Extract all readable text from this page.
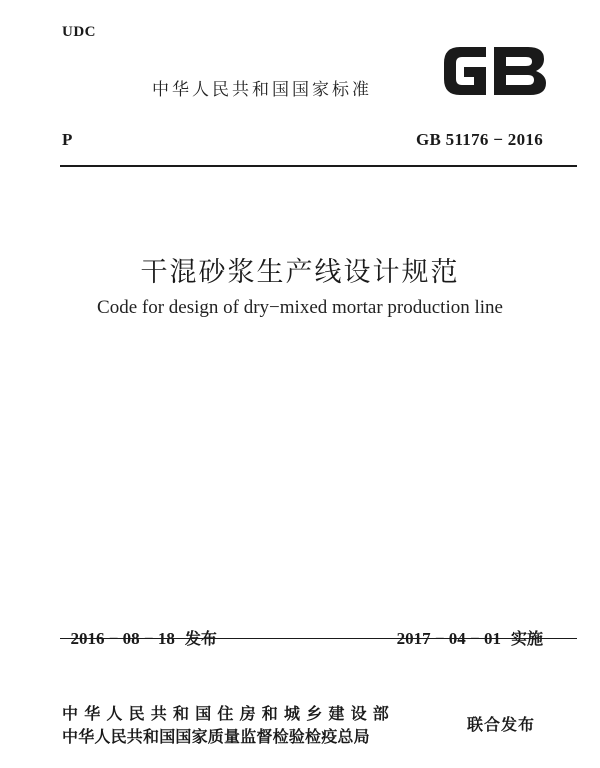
UDC
中华人民共和国国家标准
P	GB 51176 − 2016
干混砂浆生产线设计规范
Code for design of dry−mixed mortar production line

2016 − 08 − 18 发布	2017 − 04 − 01 实施

中华人民共和国住房和城乡建设部
中华人民共和国国家质量监督检验检疫总局
联合发布
